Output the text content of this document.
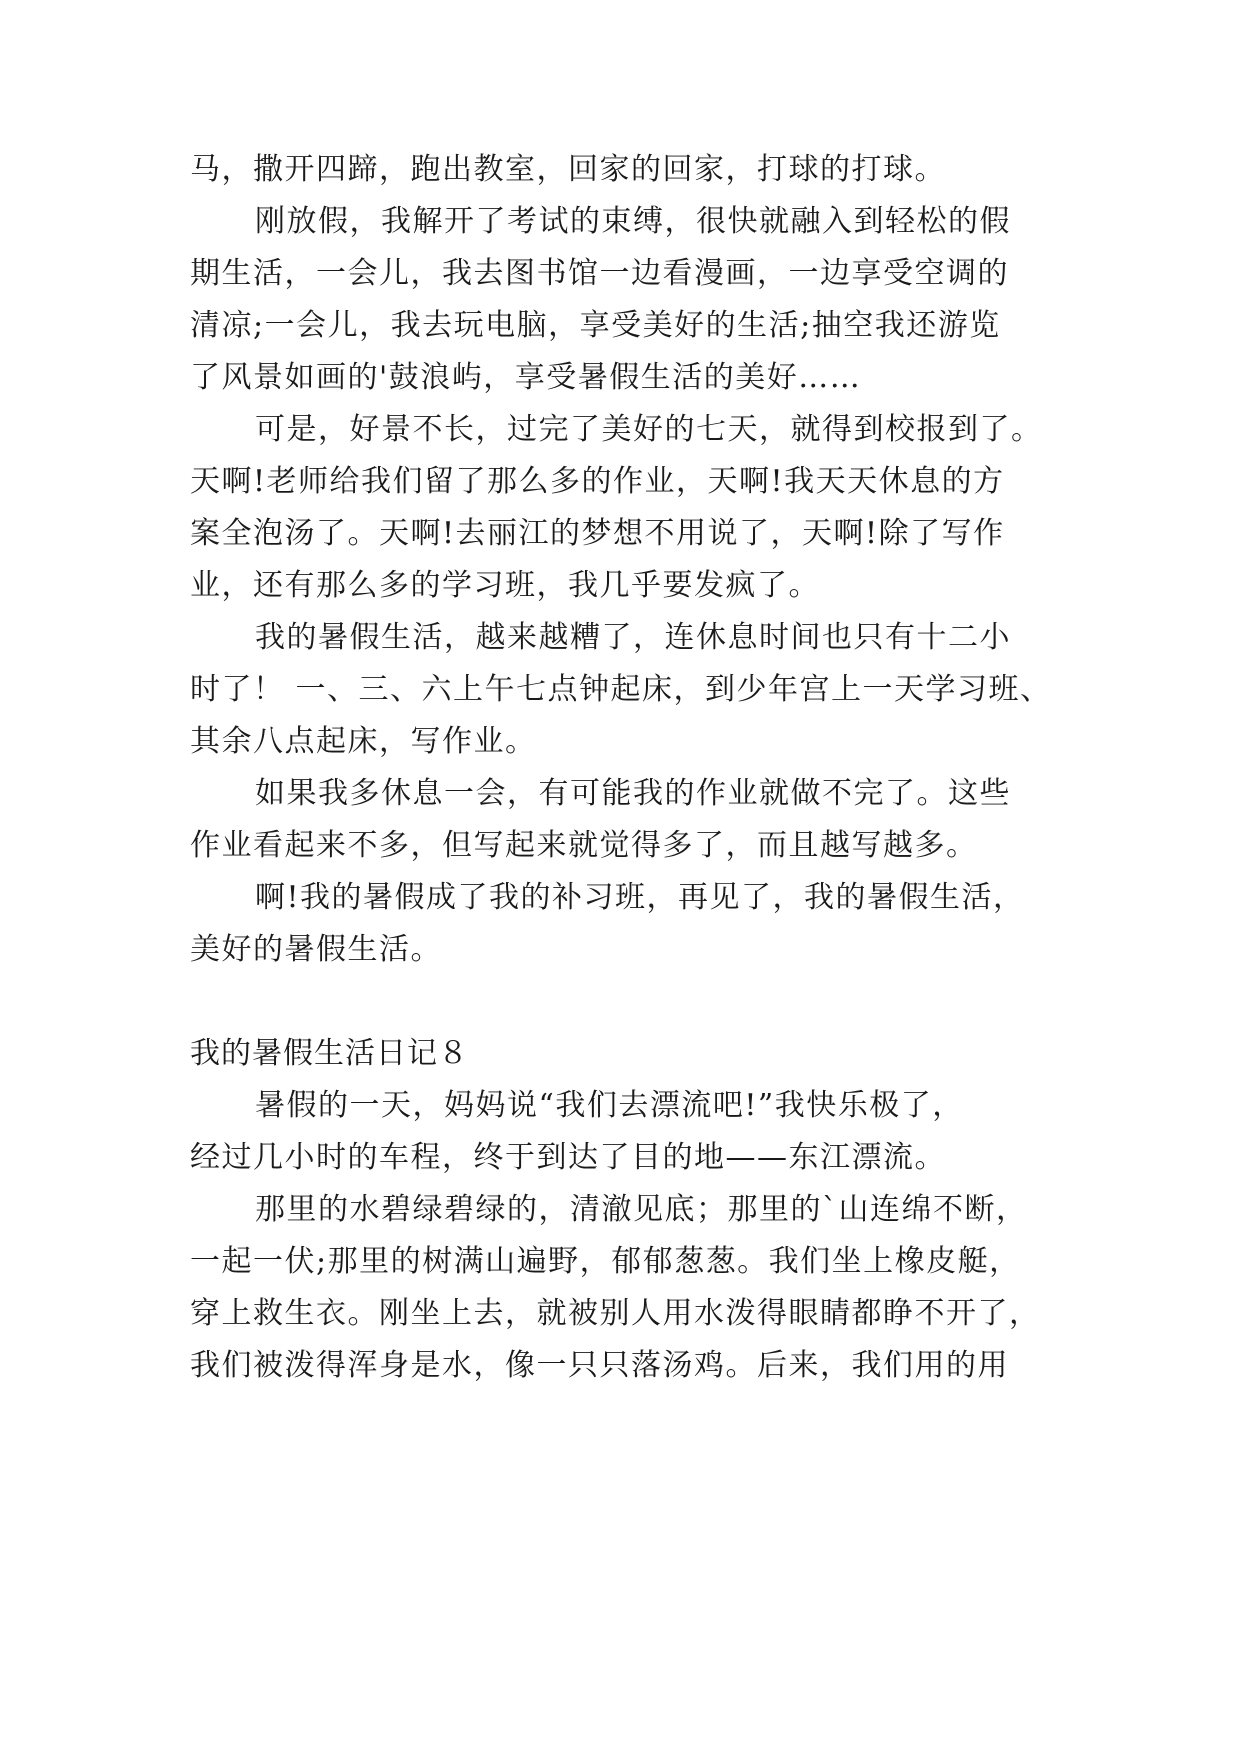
马，撒开四蹄，跑出教室，回家的回家，打球的打球。
刚放假，我解开了考试的束缚，很快就融入到轻松的假
期生活，一会儿，我去图书馆一边看漫画，一边享受空调的
清凉;一会儿，我去玩电脑，享受美好的生活;抽空我还游览
了风景如画的'鼓浪屿，享受暑假生活的美好……
可是，好景不长，过完了美好的七天，就得到校报到了。
天啊!老师给我们留了那么多的作业，天啊!我天天休息的方
案全泡汤了。天啊!去丽江的梦想不用说了，天啊!除了写作
业，还有那么多的学习班，我几乎要发疯了。
我的暑假生活，越来越糟了，连休息时间也只有十二小
时了！ 一、三、六上午七点钟起床，到少年宫上一天学习班、
其余八点起床，写作业。
如果我多休息一会，有可能我的作业就做不完了。这些
作业看起来不多，但写起来就觉得多了，而且越写越多。
啊!我的暑假成了我的补习班，再见了，我的暑假生活，
美好的暑假生活。
我的暑假生活日记８
暑假的一天，妈妈说“我们去漂流吧!”我快乐极了，
经过几小时的车程，终于到达了目的地——东江漂流。
那里的水碧绿碧绿的，清澈见底；那里的`山连绵不断，
一起一伏;那里的树满山遍野，郁郁葱葱。我们坐上橡皮艇，
穿上救生衣。刚坐上去，就被别人用水泼得眼睛都睁不开了，
我们被泼得浑身是水，像一只只落汤鸡。后来，我们用的用
